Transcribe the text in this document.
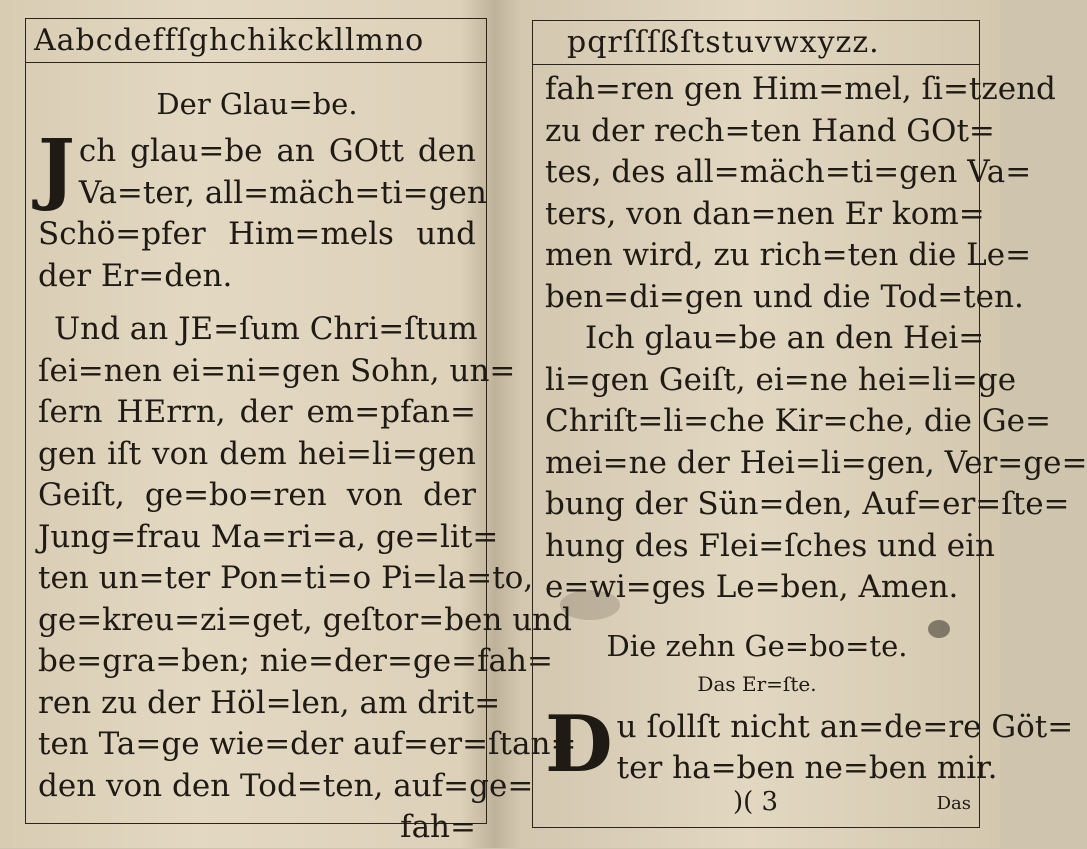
Aabcdeffſghchikckllmno
Der Glau=be.
J ch glau=be an GOtt den
Va=ter, all=mäch=ti=gen
Schö=pfer Him=mels und
der Er=den.
Und an JE=ſum Chri=ſtum
ſei=nen ei=ni=gen Sohn, un=
ſern HErrn, der em=pfan=
gen iſt von dem hei=li=gen
Geiſt, ge=bo=ren von der
Jung=frau Ma=ri=a, ge=lit=
ten un=ter Pon=ti=o Pi=la=to,
ge=kreu=zi=get, geſtor=ben und
be=gra=ben; nie=der=ge=fah=
ren zu der Höl=len, am drit=
ten Ta=ge wie=der auf=er=ſtan=
den von den Tod=ten, auf=ge=
fah=
pqrſſſßſtstuvwxyzz.
fah=ren gen Him=mel, ſi=tzend
zu der rech=ten Hand GOt=
tes, des all=mäch=ti=gen Va=
ters, von dan=nen Er kom=
men wird, zu rich=ten die Le=
ben=di=gen und die Tod=ten.
Ich glau=be an den Hei=
li=gen Geiſt, ei=ne hei=li=ge
Chriſt=li=che Kir=che, die Ge=
mei=ne der Hei=li=gen, Ver=ge=
bung der Sün=den, Auf=er=ſte=
hung des Flei=ſches und ein
e=wi=ges Le=ben, Amen.
Die zehn Ge=bo=te.
Das Er=ſte.
D u ſollſt nicht an=de=re Göt=
ter ha=ben ne=ben mir.
)( 3	Das
